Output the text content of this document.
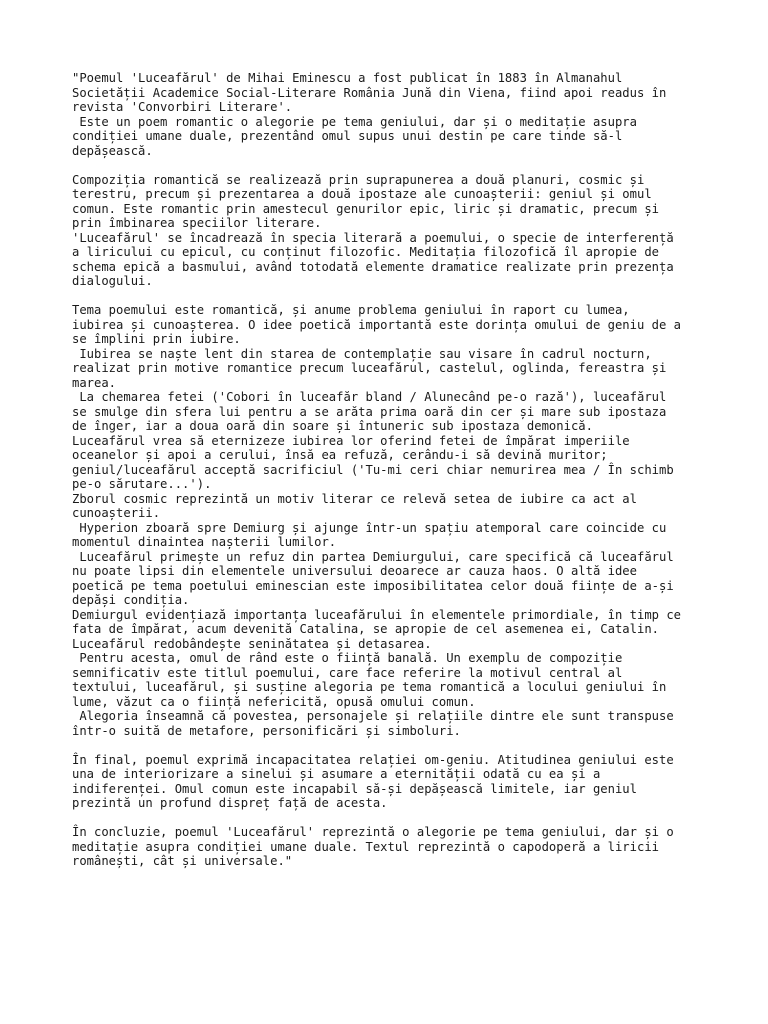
"Poemul 'Luceafărul' de Mihai Eminescu a fost publicat în 1883 în Almanahul
Societății Academice Social-Literare România Jună din Viena, fiind apoi readus în
revista 'Convorbiri Literare'.
Este un poem romantic o alegorie pe tema geniului, dar și o meditație asupra
condiției umane duale, prezentând omul supus unui destin pe care tinde să-l
depășească.
Compoziția romantică se realizează prin suprapunerea a două planuri, cosmic și
terestru, precum și prezentarea a două ipostaze ale cunoașterii: geniul și omul
comun. Este romantic prin amestecul genurilor epic, liric și dramatic, precum și
prin îmbinarea speciilor literare.
'Luceafărul' se încadrează în specia literară a poemului, o specie de interferență
a liricului cu epicul, cu conținut filozofic. Meditația filozofică îl apropie de
schema epică a basmului, având totodată elemente dramatice realizate prin prezența
dialogului.
Tema poemului este romantică, și anume problema geniului în raport cu lumea,
iubirea și cunoașterea. O idee poetică importantă este dorința omului de geniu de a
se împlini prin iubire.
Iubirea se naște lent din starea de contemplație sau visare în cadrul nocturn,
realizat prin motive romantice precum luceafărul, castelul, oglinda, fereastra și
marea.
La chemarea fetei ('Cobori în luceafăr bland / Alunecând pe-o rază'), luceafărul
se smulge din sfera lui pentru a se arăta prima oară din cer și mare sub ipostaza
de înger, iar a doua oară din soare și întuneric sub ipostaza demonică.
Luceafărul vrea să eternizeze iubirea lor oferind fetei de împărat imperiile
oceanelor și apoi a cerului, însă ea refuză, cerându-i să devină muritor;
geniul/luceafărul acceptă sacrificiul ('Tu-mi ceri chiar nemurirea mea / În schimb
pe-o sărutare...').
Zborul cosmic reprezintă un motiv literar ce relevă setea de iubire ca act al
cunoașterii.
Hyperion zboară spre Demiurg și ajunge într-un spațiu atemporal care coincide cu
momentul dinaintea nașterii lumilor.
Luceafărul primește un refuz din partea Demiurgului, care specifică că luceafărul
nu poate lipsi din elementele universului deoarece ar cauza haos. O altă idee
poetică pe tema poetului eminescian este imposibilitatea celor două ființe de a-și
depăși condiția.
Demiurgul evidențiază importanța luceafărului în elementele primordiale, în timp ce
fata de împărat, acum devenită Catalina, se apropie de cel asemenea ei, Catalin.
Luceafărul redobândește seninătatea și detasarea.
Pentru acesta, omul de rând este o ființă banală. Un exemplu de compoziție
semnificativ este titlul poemului, care face referire la motivul central al
textului, luceafărul, și susține alegoria pe tema romantică a locului geniului în
lume, văzut ca o ființă nefericită, opusă omului comun.
Alegoria înseamnă că povestea, personajele și relațiile dintre ele sunt transpuse
într-o suită de metafore, personificări și simboluri.
În final, poemul exprimă incapacitatea relației om-geniu. Atitudinea geniului este
una de interiorizare a sinelui și asumare a eternității odată cu ea și a
indiferenței. Omul comun este incapabil să-și depășească limitele, iar geniul
prezintă un profund dispreț față de acesta.
În concluzie, poemul 'Luceafărul' reprezintă o alegorie pe tema geniului, dar și o
meditație asupra condiției umane duale. Textul reprezintă o capodoperă a liricii
românești, cât și universale."
